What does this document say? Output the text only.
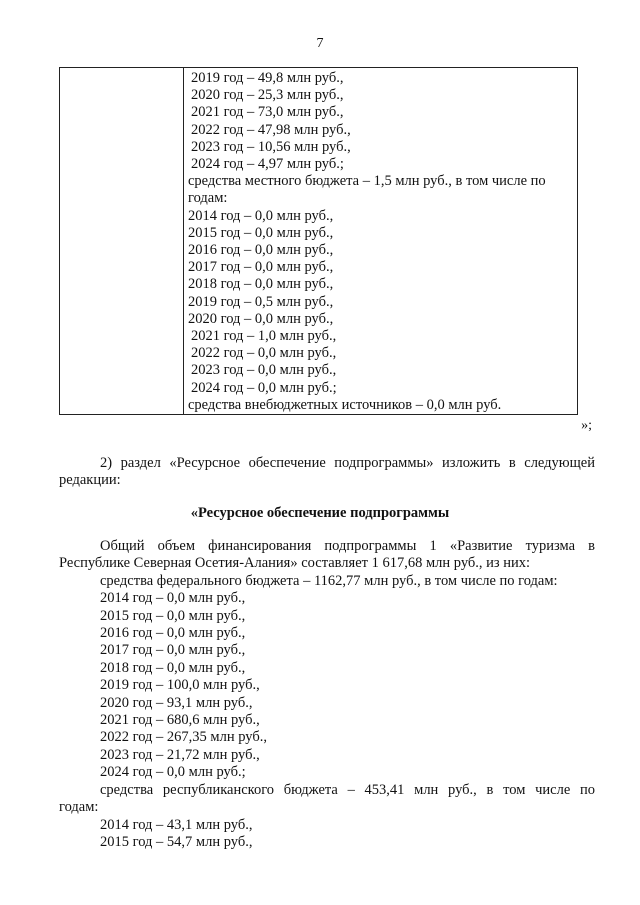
7

2019 год – 49,8 млн руб.,
2020 год – 25,3 млн руб.,
2021 год – 73,0 млн руб.,
2022 год – 47,98 млн руб.,
2023 год – 10,56 млн руб.,
2024 год – 4,97 млн руб.;
средства местного бюджета – 1,5 млн руб., в том числе по
годам:
2014 год – 0,0 млн руб.,
2015 год – 0,0 млн руб.,
2016 год – 0,0 млн руб.,
2017 год – 0,0 млн руб.,
2018 год – 0,0 млн руб.,
2019 год – 0,5 млн руб.,
2020 год – 0,0 млн руб.,
2021 год – 1,0 млн руб.,
2022 год – 0,0 млн руб.,
2023 год – 0,0 млн руб.,
2024 год – 0,0 млн руб.;
средства внебюджетных источников – 0,0 млн руб.
»;
2) раздел «Ресурсное обеспечение подпрограммы» изложить в следующей
редакции:
«Ресурсное обеспечение подпрограммы
Общий объем финансирования подпрограммы 1 «Развитие туризма в
Республике Северная Осетия-Алания» составляет 1 617,68 млн руб., из них:
средства федерального бюджета – 1162,77 млн руб., в том числе по годам:
2014 год – 0,0 млн руб.,
2015 год – 0,0 млн руб.,
2016 год – 0,0 млн руб.,
2017 год – 0,0 млн руб.,
2018 год – 0,0 млн руб.,
2019 год – 100,0 млн руб.,
2020 год – 93,1 млн руб.,
2021 год – 680,6 млн руб.,
2022 год – 267,35 млн руб.,
2023 год – 21,72 млн руб.,
2024 год – 0,0 млн руб.;
средства республиканского бюджета – 453,41 млн руб., в том числе по
годам:
2014 год – 43,1 млн руб.,
2015 год – 54,7 млн руб.,
